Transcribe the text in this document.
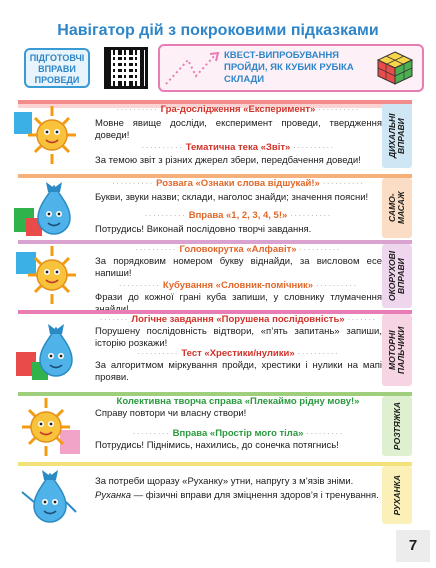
Навігатор дій з покроковими підказками
ПІДГОТОВЧІ ВПРАВИ ПРОВЕДИ
КВЕСТ-ВИПРОБУВАННЯ ПРОЙДИ, ЯК КУБИК РУБІКА СКЛАДИ
ДИХАЛЬНІ ВПРАВИ
·········· Гра-дослідження «Експеримент» ··········
Мовне явище досліди, експеримент проведи, твердження доведи!
·········· Тематична тека «Звіт» ··········
За темою звіт з різних джерел збери, передбачення доведи!
САМО-МАСАЖ
·········· Розвага «Ознаки слова відшукай!» ··········
Букви, звуки назви; склади, наголос знайди; значення поясни!
·········· Вправа «1, 2, 3, 4, 5!» ··········
Потрудись! Виконай послідовно творчі завдання.
ОКОРУХОВІ ВПРАВИ
·········· Головокрутка «Алфавіт» ··········
За порядковим номером букву віднайди, за висловом есе напиши!
·········· Кубування «Словник-помічник» ··········
Фрази до кожної грані куба запиши, у словнику тлумачення знайди!
МОТОРНІ ПАЛЬЧИКИ
······· Логічне завдання «Порушена послідовність» ·······
Порушену послідовність відтвори, «п’ять запитань» запиши, історію розкажи!
·········· Тест «Хрестики/нулики» ··········
За алгоритмом міркування пройди, хрестики і нулики на мапі прояви.
РОЗТЯЖКА
Колективна творча справа «Плекаймо рідну мову!»
Справу повтори чи власну створи!
········· Вправа «Простір мого тіла» ·········
Потрудись! Піднімись, нахились, до сонечка потягнись!
РУХАНКА
За потреби щоразу «Руханку» утни, напругу з м’язів зніми.
Руханка — фізичні вправи для зміцнення здоров’я і тренування.
7
